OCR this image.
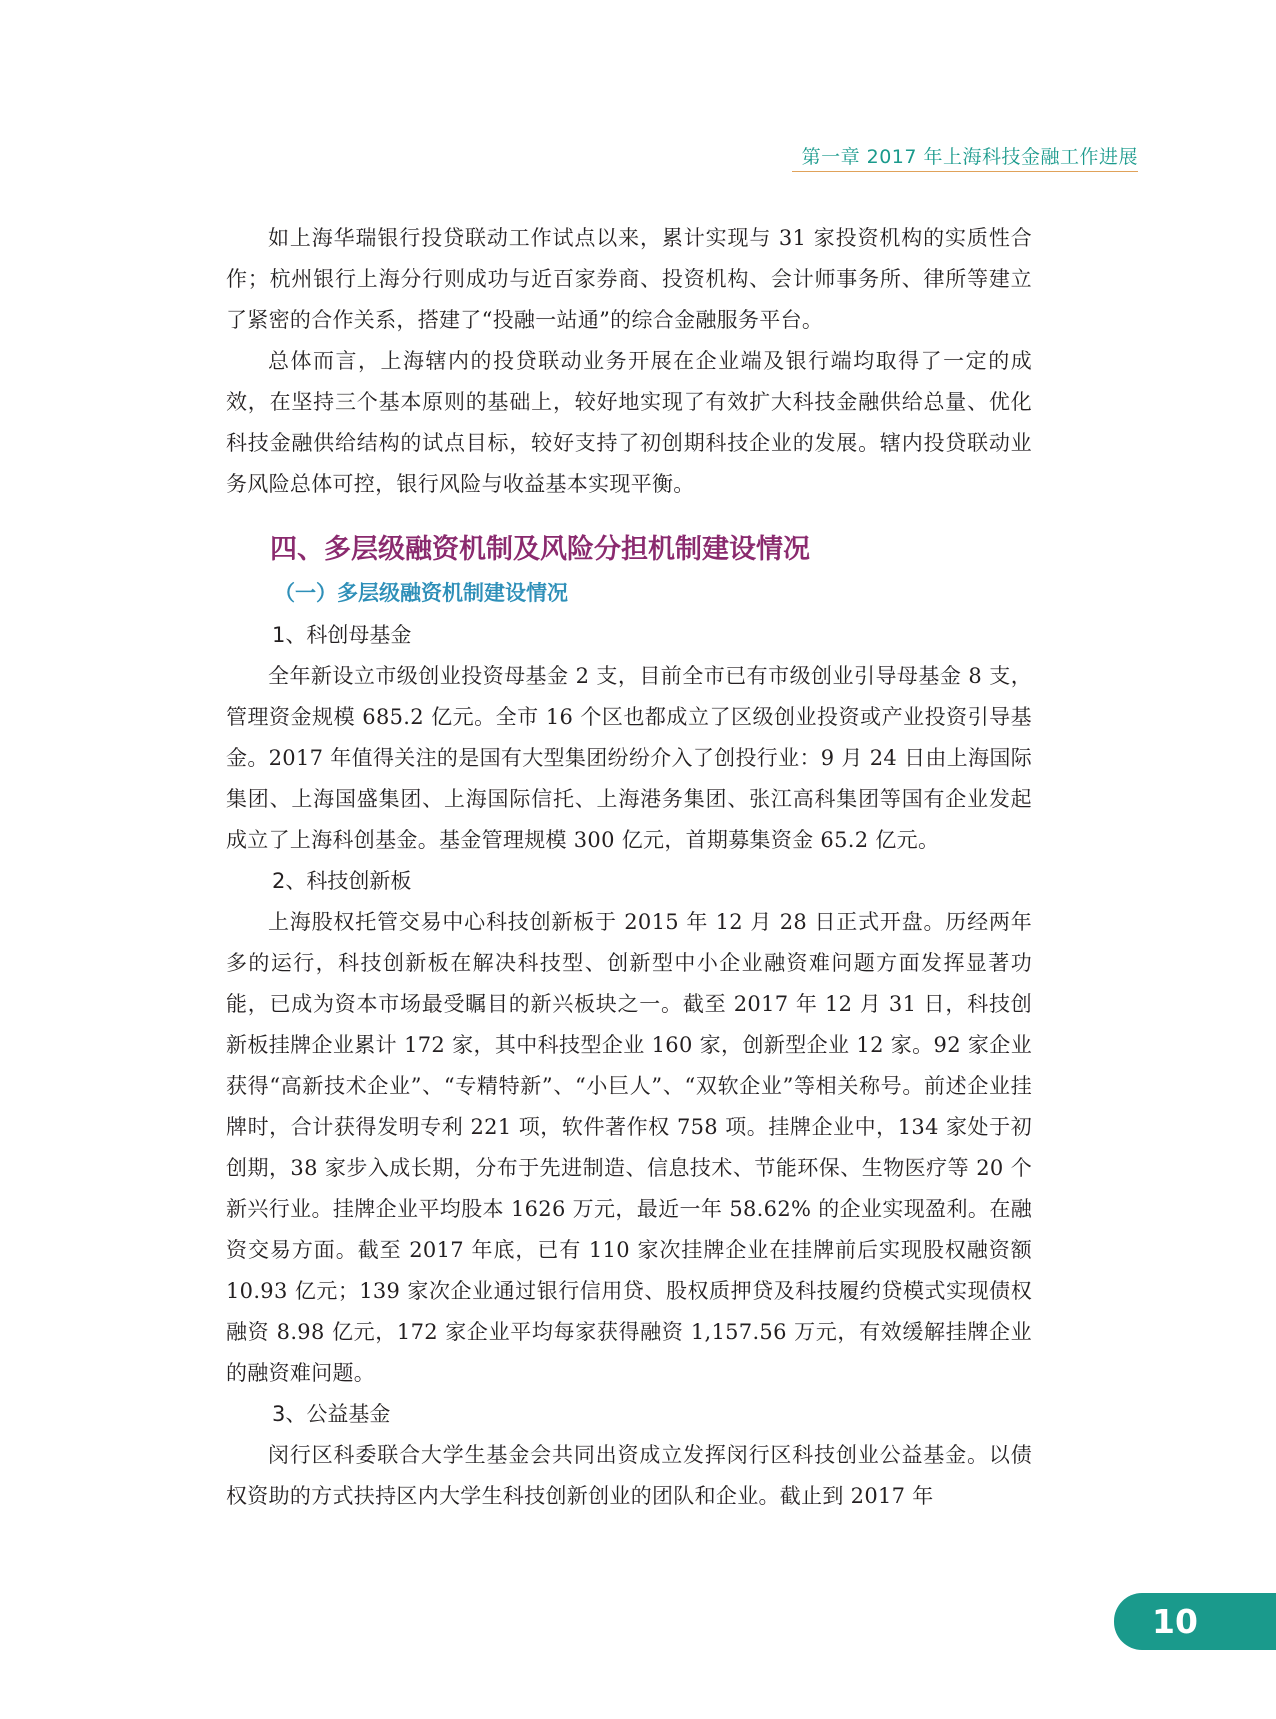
第一章 2017 年上海科技金融工作进展

如上海华瑞银行投贷联动工作试点以来，累计实现与 31 家投资机构的实质性合作；杭州银行上海分行则成功与近百家券商、投资机构、会计师事务所、律所等建立了紧密的合作关系，搭建了“投融一站通”的综合金融服务平台。

总体而言，上海辖内的投贷联动业务开展在企业端及银行端均取得了一定的成效，在坚持三个基本原则的基础上，较好地实现了有效扩大科技金融供给总量、优化科技金融供给结构的试点目标，较好支持了初创期科技企业的发展。辖内投贷联动业务风险总体可控，银行风险与收益基本实现平衡。

四、多层级融资机制及风险分担机制建设情况
（一）多层级融资机制建设情况
1、科创母基金

全年新设立市级创业投资母基金 2 支，目前全市已有市级创业引导母基金 8 支，管理资金规模 685.2 亿元。全市 16 个区也都成立了区级创业投资或产业投资引导基金。2017 年值得关注的是国有大型集团纷纷介入了创投行业：9 月 24 日由上海国际集团、上海国盛集团、上海国际信托、上海港务集团、张江高科集团等国有企业发起成立了上海科创基金。基金管理规模 300 亿元，首期募集资金 65.2 亿元。

2、科技创新板

上海股权托管交易中心科技创新板于 2015 年 12 月 28 日正式开盘。历经两年多的运行，科技创新板在解决科技型、创新型中小企业融资难问题方面发挥显著功能，已成为资本市场最受瞩目的新兴板块之一。截至 2017 年 12 月 31 日，科技创新板挂牌企业累计 172 家，其中科技型企业 160 家，创新型企业 12 家。92 家企业获得“高新技术企业”、“专精特新”、“小巨人”、“双软企业”等相关称号。前述企业挂牌时，合计获得发明专利 221 项，软件著作权 758 项。挂牌企业中，134 家处于初创期，38 家步入成长期，分布于先进制造、信息技术、节能环保、生物医疗等 20 个新兴行业。挂牌企业平均股本 1626 万元，最近一年 58.62% 的企业实现盈利。在融资交易方面。截至 2017 年底，已有 110 家次挂牌企业在挂牌前后实现股权融资额 10.93 亿元；139 家次企业通过银行信用贷、股权质押贷及科技履约贷模式实现债权融资 8.98 亿元，172 家企业平均每家获得融资 1,157.56 万元，有效缓解挂牌企业的融资难问题。

3、公益基金

闵行区科委联合大学生基金会共同出资成立发挥闵行区科技创业公益基金。以债权资助的方式扶持区内大学生科技创新创业的团队和企业。截止到 2017 年

10
